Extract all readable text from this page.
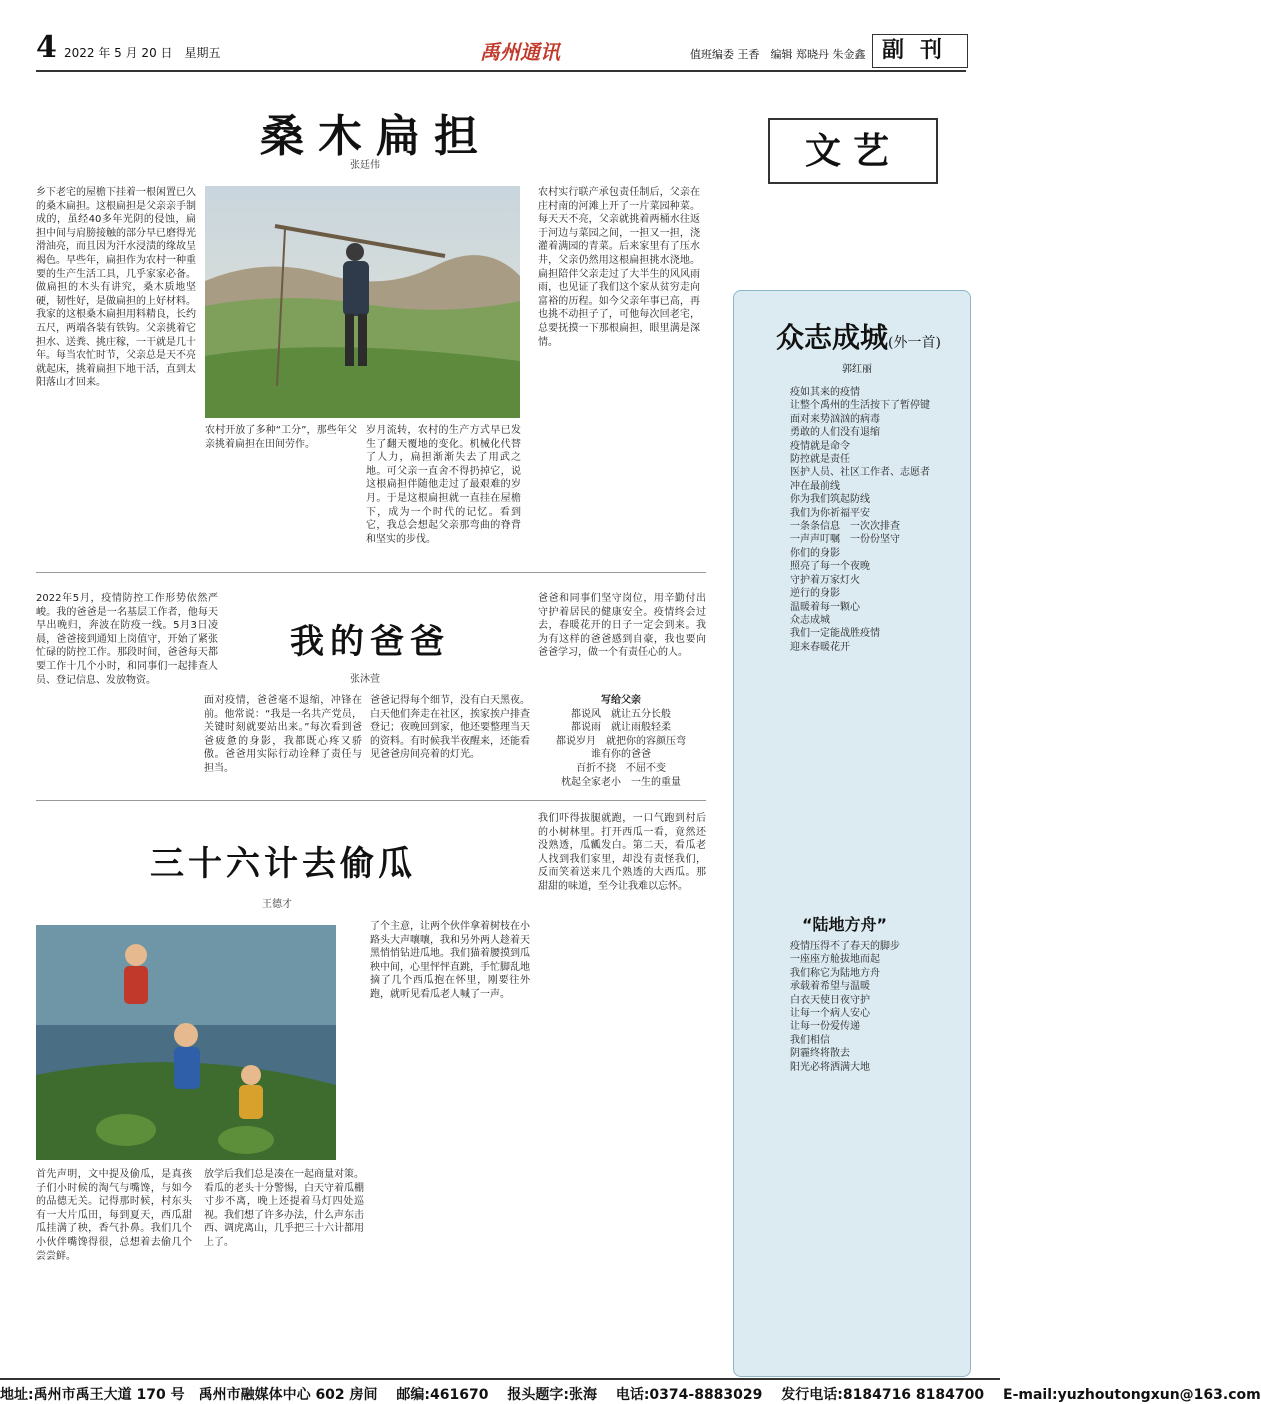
4 2022 年 5 月 20 日　星期五	禹州通讯	值班编委 王香　编辑 郑晓丹 朱金鑫 副刊
桑木扁担
张廷伟
乡下老宅的屋檐下挂着一根闲置已久的桑木扁担。这根扁担是父亲亲手制成的，虽经40多年光阴的侵蚀，扁担中间与肩膀接触的部分早已磨得光滑油亮，而且因为汗水浸渍的缘故呈褐色。早些年，扁担作为农村一种重要的生产生活工具，几乎家家必备。做扁担的木头有讲究，桑木质地坚硬，韧性好，是做扁担的上好材料。我家的这根桑木扁担用料精良，长约五尺，两端各装有铁钩。父亲挑着它担水、送粪、挑庄稼，一干就是几十年。每当农忙时节，父亲总是天不亮就起床，挑着扁担下地干活，直到太阳落山才回来。
农村开放了多种“工分”，那些年父亲挑着扁担在田间劳作。
岁月流转，农村的生产方式早已发生了翻天覆地的变化。机械化代替了人力，扁担渐渐失去了用武之地。可父亲一直舍不得扔掉它，说这根扁担伴随他走过了最艰难的岁月。于是这根扁担就一直挂在屋檐下，成为一个时代的记忆。看到它，我总会想起父亲那弯曲的脊背和坚实的步伐。
农村实行联产承包责任制后，父亲在庄村南的河滩上开了一片菜园种菜。每天天不亮，父亲就挑着两桶水往返于河边与菜园之间，一担又一担，浇灌着满园的青菜。后来家里有了压水井，父亲仍然用这根扁担挑水浇地。扁担陪伴父亲走过了大半生的风风雨雨，也见证了我们这个家从贫穷走向富裕的历程。如今父亲年事已高，再也挑不动担子了，可他每次回老宅，总要抚摸一下那根扁担，眼里满是深情。
我的爸爸
张沐萱
2022年5月，疫情防控工作形势依然严峻。我的爸爸是一名基层工作者，他每天早出晚归，奔波在防疫一线。5月3日凌晨，爸爸接到通知上岗值守，开始了紧张忙碌的防控工作。那段时间，爸爸每天都要工作十几个小时，和同事们一起排查人员、登记信息、发放物资。
面对疫情，爸爸毫不退缩，冲锋在前。他常说：“我是一名共产党员，关键时刻就要站出来。”每次看到爸爸疲惫的身影，我都既心疼又骄傲。爸爸用实际行动诠释了责任与担当。
爸爸记得每个细节，没有白天黑夜。白天他们奔走在社区，挨家挨户排查登记；夜晚回到家，他还要整理当天的资料。有时候我半夜醒来，还能看见爸爸房间亮着的灯光。
爸爸和同事们坚守岗位，用辛勤付出守护着居民的健康安全。疫情终会过去，春暖花开的日子一定会到来。我为有这样的爸爸感到自豪，我也要向爸爸学习，做一个有责任心的人。
写给父亲
都说风　就让五分长般
都说雨　就让雨般轻柔
都说岁月　就把你的容颜压弯
谁有你的爸爸
百折不挠　不屈不变
枕起全家老小　一生的重量
三十六计去偷瓜
王德才
首先声明，文中提及偷瓜，是真孩子们小时候的淘气与嘴馋，与如今的品德无关。记得那时候，村东头有一大片瓜田，每到夏天，西瓜甜瓜挂满了秧，香气扑鼻。我们几个小伙伴嘴馋得很，总想着去偷几个尝尝鲜。
放学后我们总是凑在一起商量对策。看瓜的老头十分警惕，白天守着瓜棚寸步不离，晚上还提着马灯四处巡视。我们想了许多办法，什么声东击西、调虎离山，几乎把三十六计都用上了。
了个主意，让两个伙伴拿着树枝在小路头大声嚷嚷，我和另外两人趁着天黑悄悄钻进瓜地。我们猫着腰摸到瓜秧中间，心里怦怦直跳，手忙脚乱地摘了几个西瓜抱在怀里，刚要往外跑，就听见看瓜老人喊了一声。
我们吓得拔腿就跑，一口气跑到村后的小树林里。打开西瓜一看，竟然还没熟透，瓜瓤发白。第二天，看瓜老人找到我们家里，却没有责怪我们，反而笑着送来几个熟透的大西瓜。那甜甜的味道，至今让我难以忘怀。
文艺
众志成城(外一首)
郭红丽
疫如其来的疫情
让整个禹州的生活按下了暂停键
面对来势汹汹的病毒
勇敢的人们没有退缩
疫情就是命令
防控就是责任
医护人员、社区工作者、志愿者
冲在最前线
你为我们筑起防线
我们为你祈福平安
一条条信息　一次次排查
一声声叮嘱　一份份坚守
你们的身影
照亮了每一个夜晚
守护着万家灯火
逆行的身影
温暖着每一颗心
众志成城
我们一定能战胜疫情
迎来春暖花开
“陆地方舟”
疫情压得不了春天的脚步
一座座方舱拔地而起
我们称它为陆地方舟
承载着希望与温暖
白衣天使日夜守护
让每一个病人安心
让每一份爱传递
我们相信
阴霾终将散去
阳光必将洒满大地
地址:禹州市禹王大道 170 号　禹州市融媒体中心 602 房间　 邮编:461670　 报头题字:张海　 电话:0374-8883029　 发行电话:8184716 8184700　 E-mail:yuzhoutongxun@163.com
